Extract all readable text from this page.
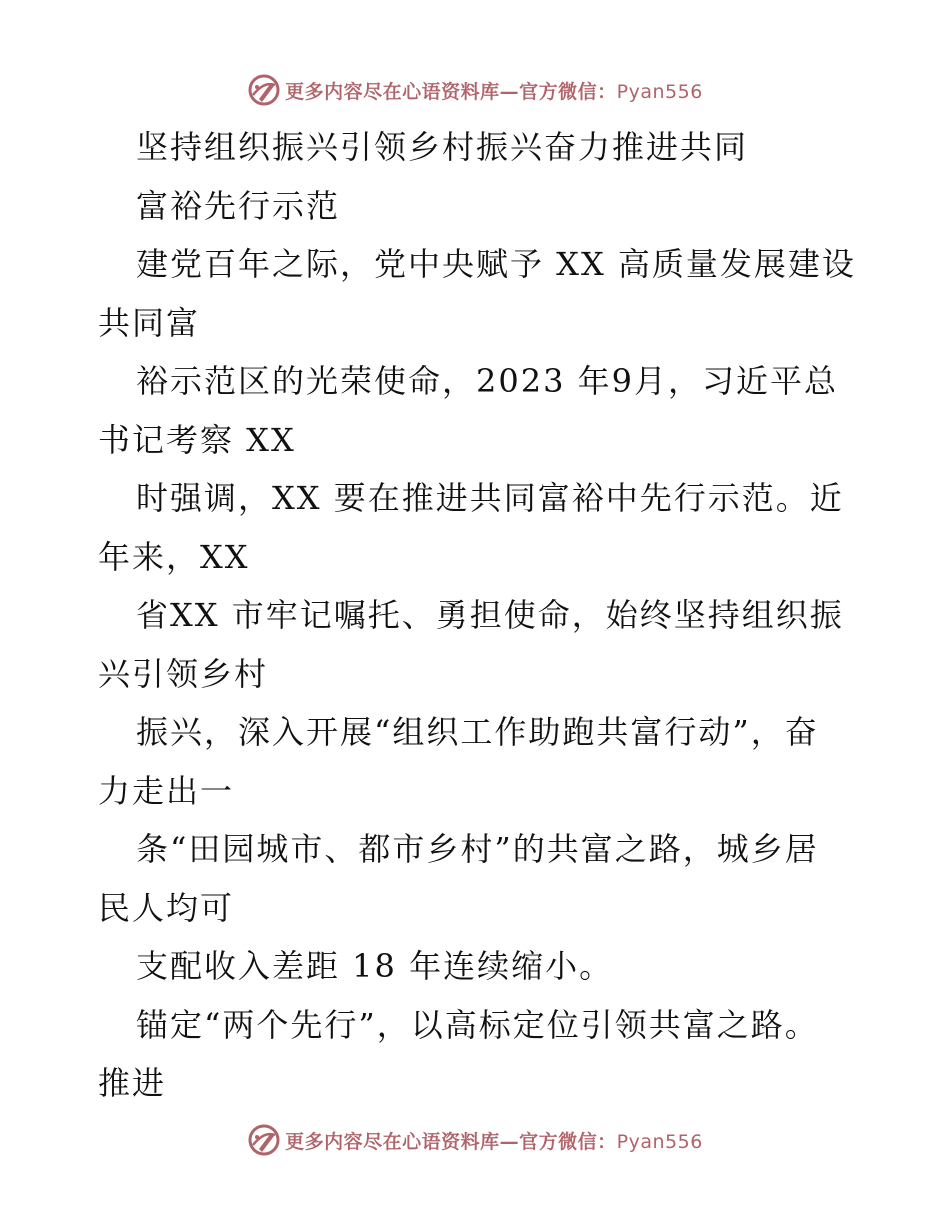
更多内容尽在心语资料库—官方微信：Pyan556
坚持组织振兴引领乡村振兴奋力推进共同
富裕先行示范
建党百年之际，党中央赋予 XX 高质量发展建设
共同富
裕示范区的光荣使命，2023 年9月，习近平总
书记考察 XX
时强调，XX 要在推进共同富裕中先行示范。近
年来，XX
省XX 市牢记嘱托、勇担使命，始终坚持组织振
兴引领乡村
振兴，深入开展“组织工作助跑共富行动”，奋
力走出一
条“田园城市、都市乡村”的共富之路，城乡居
民人均可
支配收入差距 18 年连续缩小。
锚定“两个先行”，以高标定位引领共富之路。
推进
更多内容尽在心语资料库—官方微信：Pyan556
